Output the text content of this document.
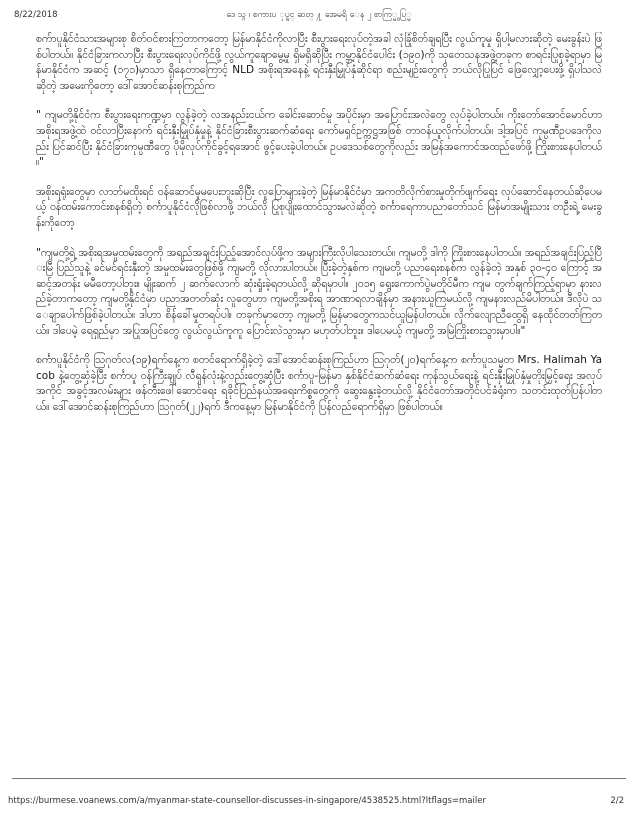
8/22/2018	ဒေ သ္ဂ ၊ စကားပ ုပ္ရင္ ဆတ္ ႔ အေမရိ ေန ၂ စာကြ္မွ ပြ္မ

စက်ာပူနိုင်ငံသားအများစု စိတ်ဝင်စားကြတာကတော့ မြန်မာနိုင်ငံကိုလာပြီး စီးပွားရေးလုပ်တဲ့အခါ လုံခြုံစိတ်ချရပြီး လွယ်ကူမှု ရှိပါ့မလားဆိုတဲ့ မေးခွန်းပဲ ဖြစ်ပါတယ်။ နိုင်ငံခြားကလာပြီး စီးပွားရေးလုပ်ကိုင်ဖို့ လွယ်ကူချောမွေ့မှု ရှိမရှိဆိုပြီး ကမ္ဘာ့နိုင်ငံပေါင်း (၁၉၀)ကို သုတေသနအဖွဲ့တခုက စာရင်းပြုစုခဲ့ရာမှာ မြန်မာနိုင်ငံက အဆင့် (၁၇၁)မှာသာ ရှိနေတာကြောင့် NLD အစိုးရအနေနဲ့ ရင်းနှီးမြှုပ်နှံဆိုင်ရာ စည်းမျဉ်းတွေကို ဘယ်လိုပြုပြင် ဖြေလျှော့ပေးဖို့ ရှိပါသလဲဆိုတဲ့ အမေးကိုတော့ ဒေါ်အောင်ဆန်းစုကြည်က

" ကျမတို့နိုင်ငံက စီးပွားရေးကဏ္ဍမှာ လွန်ခဲ့တဲ့ လအနည်းငယ်က ခေါင်းဆောင်မှု အပိုင်းမှာ အပြောင်းအလဲတွေ လုပ်ခဲ့ပါတယ်။ ကိုးတော်အောင်မောင်ဟာ အစိုးရအဖွဲ့ထဲ ဝင်လာပြီးနောက် ရင်းနှီးမြှုပ်နှံမှုနဲ့ နိုင်ငံခြားစီးပွားဆက်ဆံရေး ကော်မရှင်ဥက္ကဋ္ဌအဖြစ် တာဝန်ယူလိုက်ပါတယ်။ ဒါ့အပြင် ကုမ္ပဏီဥပဒေကိုလည်း ပြင်ဆင်ပြီး နိုင်ငံခြားကုမ္ပဏီတွေ ပိုမိုလုပ်ကိုင်ခွင့်ရအောင် ဖွင့်ပေးခဲ့ပါတယ်။ ဥပဒေသစ်တွေကိုလည်း အမြန်အကောင်အထည်ဖော်ဖို့ ကြိုးစားနေပါတယ်။"

အစိုးရရုံးတွေမှာ လာဘ်မထိုးရင် ဝန်ဆောင်မှုမပေးဘူးဆိုပြီး လူပြောများခဲ့တဲ့ မြန်မာနိုင်ငံမှာ အကတိလိုက်စားမှုတိုက်ဖျက်ရေး လုပ်ဆောင်နေတယ်ဆိုပေမယ့် ဝန်ထမ်းကောင်းစနစ်ရှိတဲ့ စင်္ကာပူနိုင်ငံလိုဖြစ်လာဖို့ ဘယ်လို ပြုစုပျိုးထောင်သွားမလဲဆိုတဲ့ စင်္ကာရေကာပညာတော်သင် မြန်မာအမျိုးသား တဦးရဲ့ မေးခွန်းကိုတော့

"ကျမတို့ရဲ့ အစိုးရအမှုထမ်းတွေကို အရည်အချင်းပြည့်အောင်လုပ်ဖို့က အများကြီးလိုပါသေးတယ်။ ကျမတို့ ဒါကို ကြိုးစားနေပါတယ်။ အရည်အချင်းပြည့်ပြီးမြီ ပြည်သူနဲ့ ခင်မင်ရင်းနှီးတဲ့ အမှုထမ်းတွေဖြစ်ဖို့ ကျမတို့ လိုလားပါတယ်။ ပြီးခဲ့တဲ့နှစ်က ကျမတို့ ပညာရေးစနစ်က လွန်ခဲ့တဲ့ အနှစ် ၃၀-၄၀ ကြောင့် အဆင့်အတန်း မမီတော့ပါဘူး။ မျိုးဆက် ၂ ဆက်လောက် ဆုံးရှုံးခဲ့ရတယ်လို့ ဆိုရမှာပါ။ ၂၀၁၅ ရွေးကောက်ပွဲမတိုင်မီက ကျမ တွက်ချက်ကြည့်ရာမှာ နားလည်ခဲ့တာကတော့ ကျမတို့နိုင်ငံမှာ ပညာအတတ်ဆုံး လူတွေဟာ ကျမတို့အစိုးရ အာဏာရလာချိန်မှာ အနားယူကြမယ်လို့ ကျမနားလည်မိပါတယ်။ ဒီလိုပဲ သေချာပေါက်ဖြစ်ခဲ့ပါတယ်။ ဒါဟာ စိန်ခေါ်မှုတရပ်ပါ။ တခုက်မှာတော့ ကျမတို့ မြန်မာတွေကသင်ယူမြန်ပါတယ်။ လိုက်လျောညီထွေရှိ နေထိုင်တတ်ကြတယ်။ ဒါပေမဲ့ ရေရှည်မှာ အပြုအပြင်တွေ လွယ်လွယ်ကူကူ ပြောင်းလဲသွားမှာ မဟုတ်ပါဘူး။ ဒါပေမယ့် ကျမတို့ အမြဲကြိုးစားသွားမှာပါ။"

စင်္ကာပူနိုင်ငံကို သြဂုတ်လ(၁၉)ရက်နေ့က စတင်ရောက်ရှိခဲ့တဲ့ ဒေါ်အောင်ဆန်းစုကြည်ဟာ သြဂုတ်(၂၀)ရက်နေ့က စင်္ကာပူသမ္မတ Mrs. Halimah Yacob နဲ့တွေ့ဆုံခဲ့ပြီး စင်္ကာပူ ဝန်ကြီးချုပ် လီရှန်လုံးနဲ့လည်းတွေ့ဆုံပြီး စင်္ကာပူ-မြန်မာ နှစ်နိုင်ငံဆက်ဆံရေး ကုန်သွယ်ရေးနဲ့ ရင်းနှီးမြှုပ်နှံမှုတိုးမြှင့်ရေး အလုပ်အကိုင် အခွင့်အလမ်းများ ဖန်တီးဖေါ်ဆောင်ရေး ရခိုင်ပြည်နယ်အရေးကိစ္စတွေကို ဆွေးနွေးခဲ့တယ်လို့ နိုင်ငံတော်အတိုင်ပင်ခံရုံးက သတင်းထုတ်ပြန်ပါတယ်။ ဒေါ်အောင်ဆန်းစုကြည်ဟာ သြဂုတ်(၂၂)ရက် ဒီကနေ့မှာ မြန်မာနိုင်ငံကို ပြန်လည်ရောက်ရှိမှာ ဖြစ်ပါတယ်။

https://burmese.voanews.com/a/myanmar-state-counsellor-discusses-in-singapore/4538525.html?ltflags=mailer	2/2
